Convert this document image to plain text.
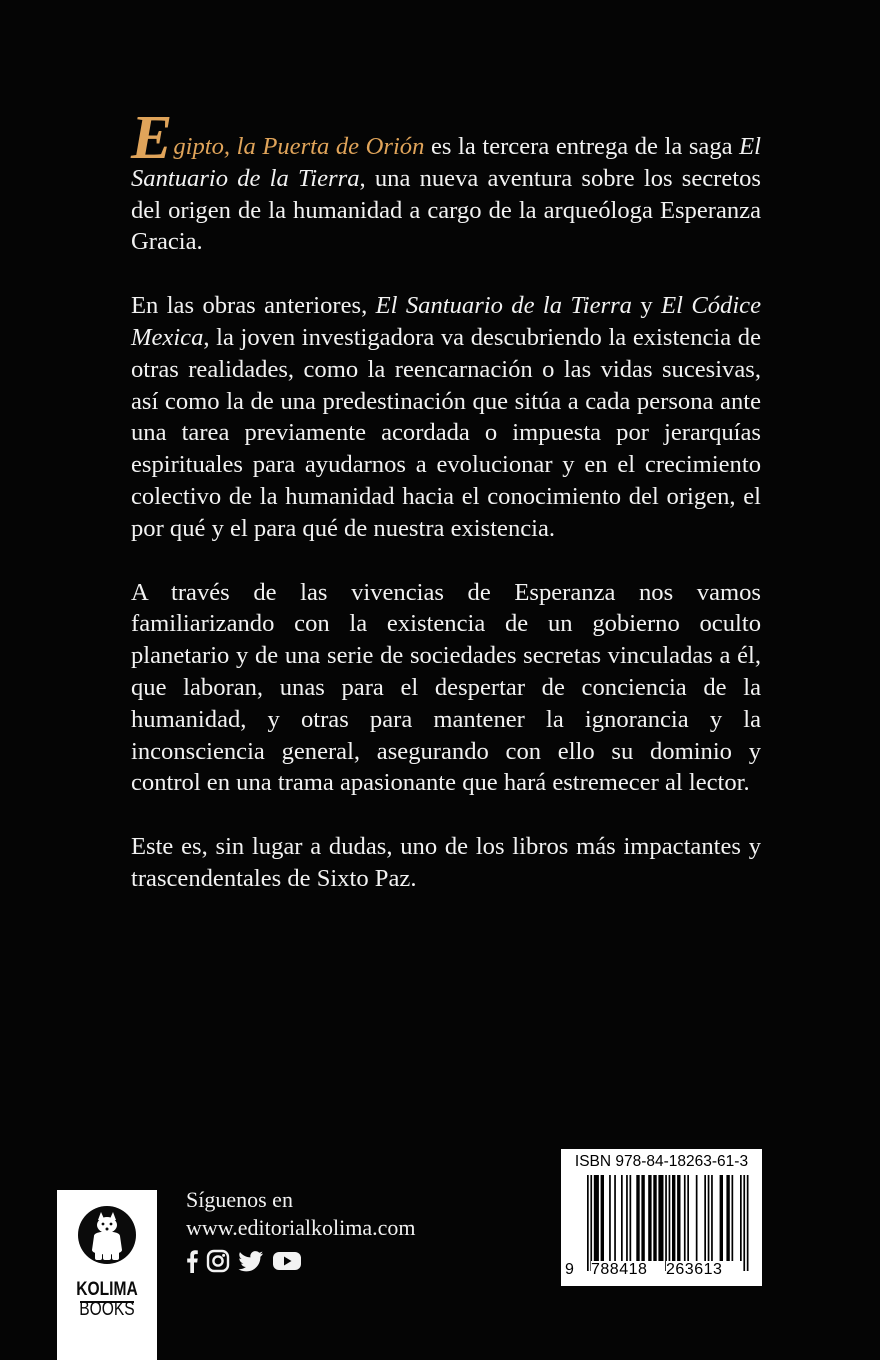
Egipto, la Puerta de Orión es la tercera entrega de la saga El Santuario de la Tierra, una nueva aventura sobre los secretos del origen de la humanidad a cargo de la arqueóloga Esperanza Gracia.

En las obras anteriores, El Santuario de la Tierra y El Códice Mexica, la joven investigadora va descubriendo la existencia de otras realidades, como la reencarnación o las vidas sucesivas, así como la de una predestinación que sitúa a cada persona ante una tarea previamente acordada o impuesta por jerarquías espirituales para ayudarnos a evolucionar y en el crecimiento colectivo de la humanidad hacia el conocimiento del origen, el por qué y el para qué de nuestra existencia.

A través de las vivencias de Esperanza nos vamos familiarizando con la existencia de un gobierno oculto planetario y de una serie de sociedades secretas vinculadas a él, que laboran, unas para el despertar de conciencia de la humanidad, y otras para mantener la ignorancia y la inconsciencia general, asegurando con ello su dominio y control en una trama apasionante que hará estremecer al lector.

Este es, sin lugar a dudas, uno de los libros más impactantes y trascendentales de Sixto Paz.

KOLIMA
BOOKS
Síguenos en
www.editorialkolima.com
ISBN 978-84-18263-61-3
9 788418 263613
